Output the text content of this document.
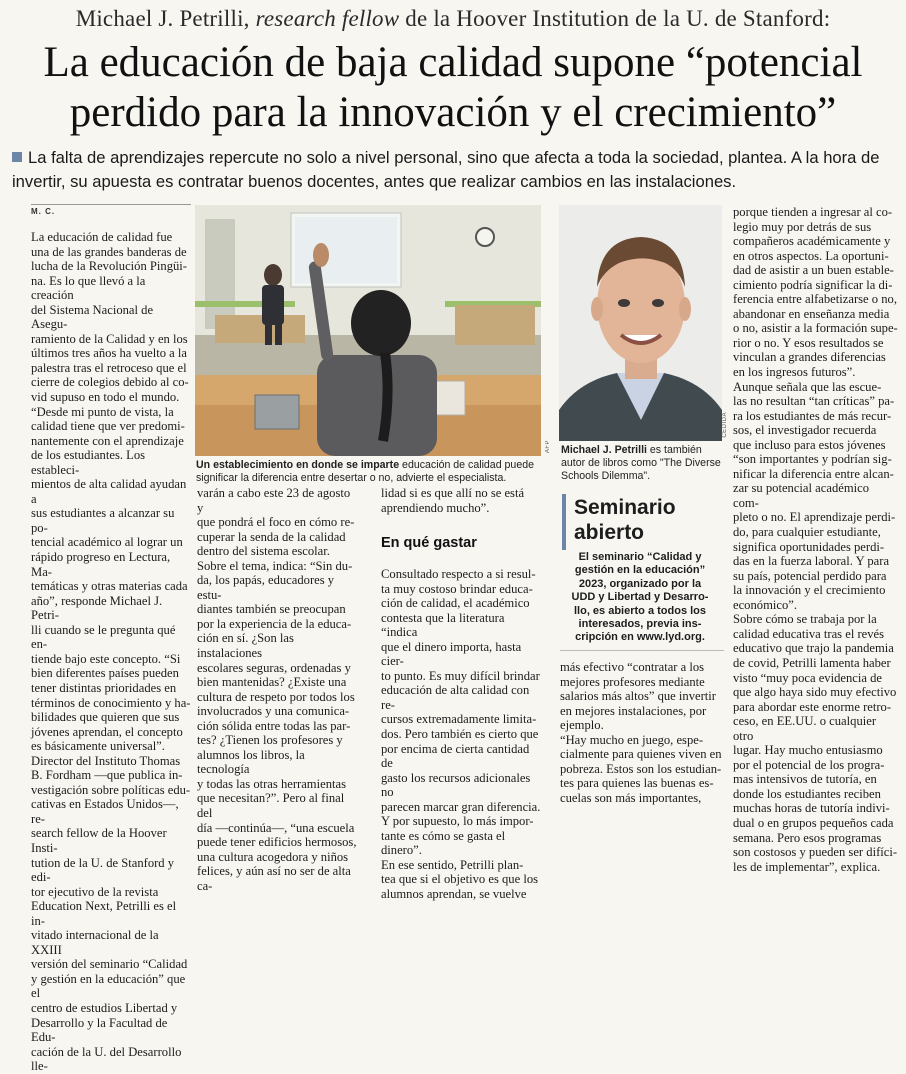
Michael J. Petrilli, research fellow de la Hoover Institution de la U. de Stanford:
La educación de baja calidad supone “potencial
perdido para la innovación y el crecimiento”
La falta de aprendizajes repercute no solo a nivel personal, sino que afecta a toda la sociedad, plantea. A la hora de invertir, su apuesta es contratar buenos docentes, antes que realizar cambios en las instalaciones.
M. C.
La educación de calidad fue
una de las grandes banderas de
lucha de la Revolución Pingüi-
na. Es lo que llevó a la creación
del Sistema Nacional de Asegu-
ramiento de la Calidad y en los
últimos tres años ha vuelto a la
palestra tras el retroceso que el
cierre de colegios debido al co-
vid supuso en todo el mundo.
“Desde mi punto de vista, la
calidad tiene que ver predomi-
nantemente con el aprendizaje
de los estudiantes. Los estableci-
mientos de alta calidad ayudan a
sus estudiantes a alcanzar su po-
tencial académico al lograr un
rápido progreso en Lectura, Ma-
temáticas y otras materias cada
año”, responde Michael J. Petri-
lli cuando se le pregunta qué en-
tiende bajo este concepto. “Si
bien diferentes países pueden
tener distintas prioridades en
términos de conocimiento y ha-
bilidades que quieren que sus
jóvenes aprendan, el concepto
es básicamente universal”.
Director del Instituto Thomas
B. Fordham —que publica in-
vestigación sobre políticas edu-
cativas en Estados Unidos—, re-
search fellow de la Hoover Insti-
tution de la U. de Stanford y edi-
tor ejecutivo de la revista
Education Next, Petrilli es el in-
vitado internacional de la XXIII
versión del seminario “Calidad
y gestión en la educación” que el
centro de estudios Libertad y
Desarrollo y la Facultad de Edu-
cación de la U. del Desarrollo lle-
AFP
Un establecimiento en donde se imparte educación de calidad puede significar la diferencia entre desertar o no, advierte el especialista.
CEDIDA
Michael J. Petrilli es también autor de libros como "The Diverse Schools Dilemma".
varán a cabo este 23 de agosto y
que pondrá el foco en cómo re-
cuperar la senda de la calidad
dentro del sistema escolar.
Sobre el tema, indica: “Sin du-
da, los papás, educadores y estu-
diantes también se preocupan
por la experiencia de la educa-
ción en sí. ¿Son las instalaciones
escolares seguras, ordenadas y
bien mantenidas? ¿Existe una
cultura de respeto por todos los
involucrados y una comunica-
ción sólida entre todas las par-
tes? ¿Tienen los profesores y
alumnos los libros, la tecnología
y todas las otras herramientas
que necesitan?”. Pero al final del
día —continúa—, “una escuela
puede tener edificios hermosos,
una cultura acogedora y niños
felices, y aún así no ser de alta ca-
lidad si es que allí no se está
aprendiendo mucho”.
En qué gastar
Consultado respecto a si resul-
ta muy costoso brindar educa-
ción de calidad, el académico
contesta que la literatura “indica
que el dinero importa, hasta cier-
to punto. Es muy difícil brindar
educación de alta calidad con re-
cursos extremadamente limita-
dos. Pero también es cierto que
por encima de cierta cantidad de
gasto los recursos adicionales no
parecen marcar gran diferencia.
Y por supuesto, lo más impor-
tante es cómo se gasta el dinero”.
En ese sentido, Petrilli plan-
tea que si el objetivo es que los
alumnos aprendan, se vuelve
Seminario
abierto
El seminario “Calidad y
gestión en la educación”
2023, organizado por la
UDD y Libertad y Desarro-
llo, es abierto a todos los
interesados, previa ins-
cripción en www.lyd.org.
más efectivo “contratar a los
mejores profesores mediante
salarios más altos” que invertir
en mejores instalaciones, por
ejemplo.
“Hay mucho en juego, espe-
cialmente para quienes viven en
pobreza. Estos son los estudian-
tes para quienes las buenas es-
cuelas son más importantes,
porque tienden a ingresar al co-
legio muy por detrás de sus
compañeros académicamente y
en otros aspectos. La oportuni-
dad de asistir a un buen estable-
cimiento podría significar la di-
ferencia entre alfabetizarse o no,
abandonar en enseñanza media
o no, asistir a la formación supe-
rior o no. Y esos resultados se
vinculan a grandes diferencias
en los ingresos futuros”.
Aunque señala que las escue-
las no resultan “tan críticas” pa-
ra los estudiantes de más recur-
sos, el investigador recuerda
que incluso para estos jóvenes
“son importantes y podrían sig-
nificar la diferencia entre alcan-
zar su potencial académico com-
pleto o no. El aprendizaje perdi-
do, para cualquier estudiante,
significa oportunidades perdi-
das en la fuerza laboral. Y para
su país, potencial perdido para
la innovación y el crecimiento
económico”.
Sobre cómo se trabaja por la
calidad educativa tras el revés
educativo que trajo la pandemia
de covid, Petrilli lamenta haber
visto “muy poca evidencia de
que algo haya sido muy efectivo
para abordar este enorme retro-
ceso, en EE.UU. o cualquier otro
lugar. Hay mucho entusiasmo
por el potencial de los progra-
mas intensivos de tutoría, en
donde los estudiantes reciben
muchas horas de tutoría indivi-
dual o en grupos pequeños cada
semana. Pero esos programas
son costosos y pueden ser difíci-
les de implementar”, explica.
